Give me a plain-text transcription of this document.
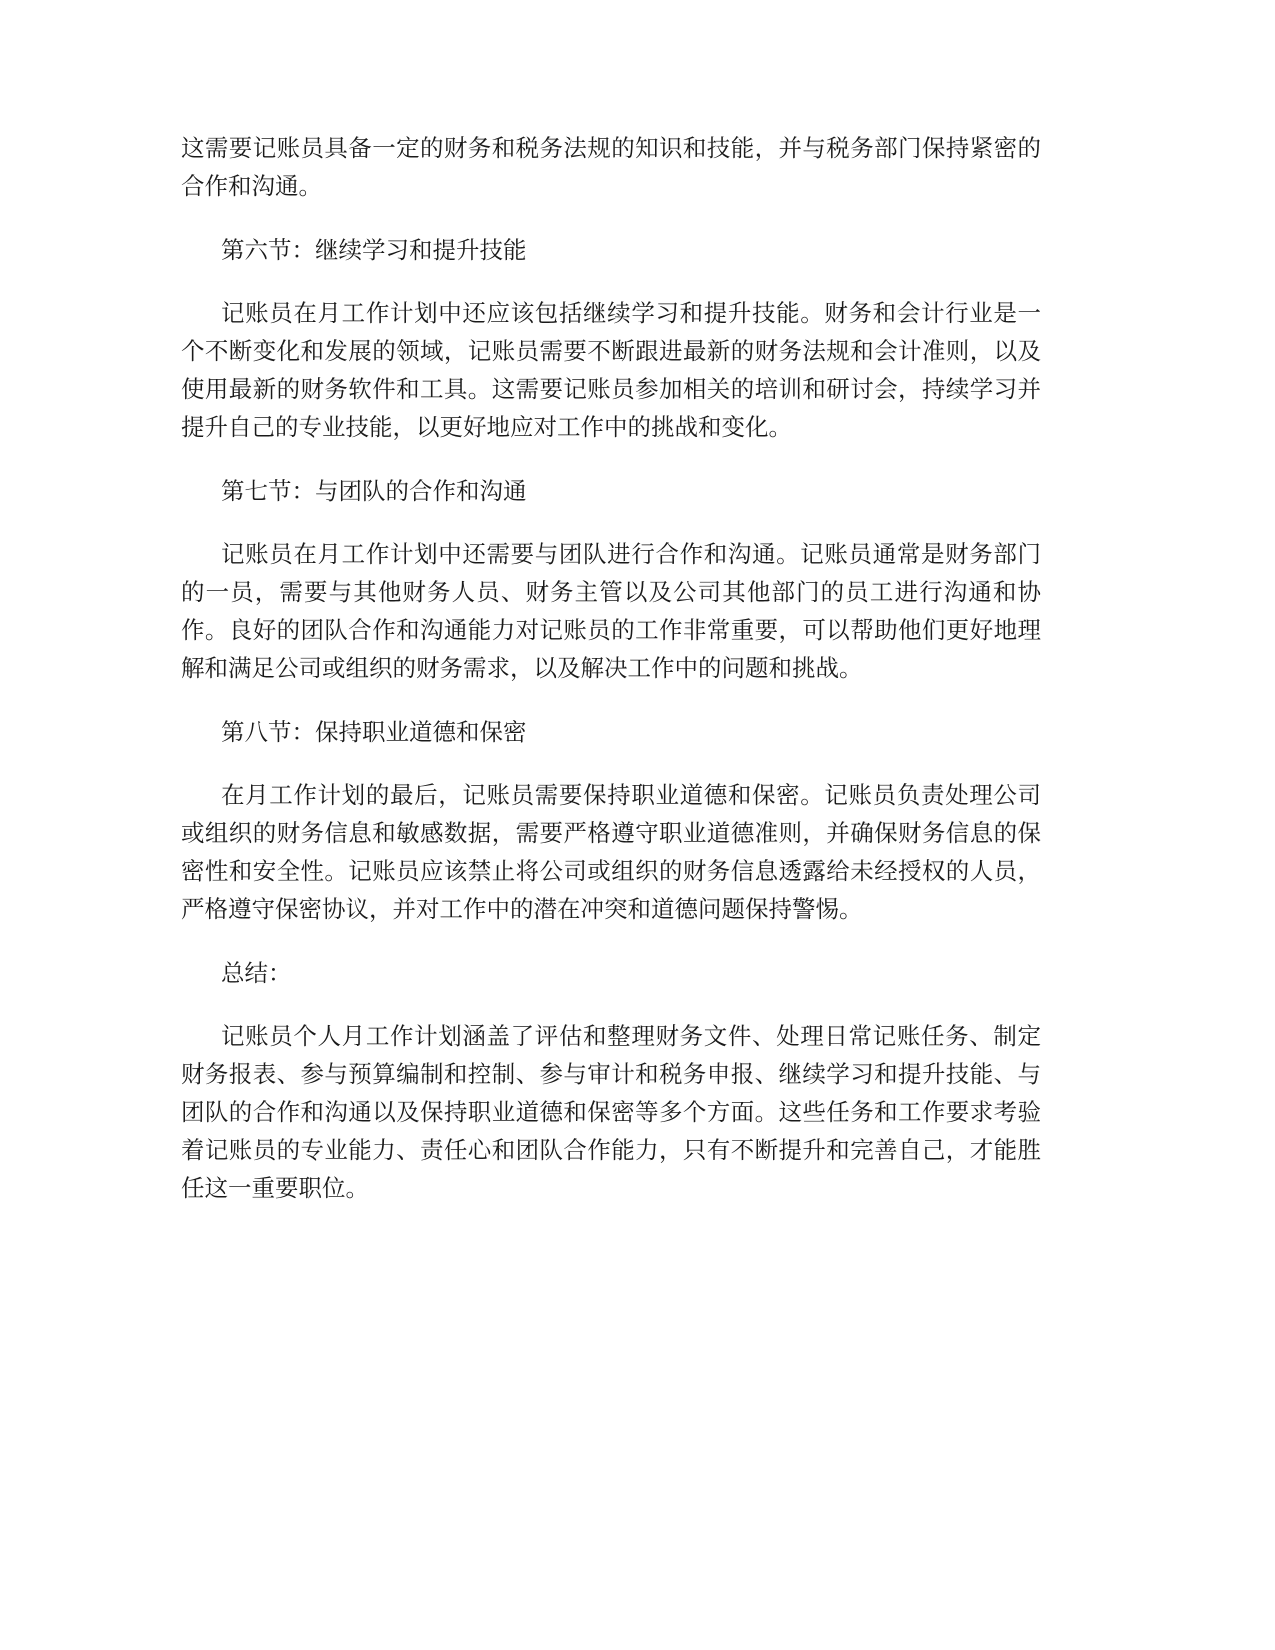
这需要记账员具备一定的财务和税务法规的知识和技能，并与税务部门保持紧密的
合作和沟通。
第六节：继续学习和提升技能
记账员在月工作计划中还应该包括继续学习和提升技能。财务和会计行业是一
个不断变化和发展的领域，记账员需要不断跟进最新的财务法规和会计准则，以及
使用最新的财务软件和工具。这需要记账员参加相关的培训和研讨会，持续学习并
提升自己的专业技能，以更好地应对工作中的挑战和变化。
第七节：与团队的合作和沟通
记账员在月工作计划中还需要与团队进行合作和沟通。记账员通常是财务部门
的一员，需要与其他财务人员、财务主管以及公司其他部门的员工进行沟通和协
作。良好的团队合作和沟通能力对记账员的工作非常重要，可以帮助他们更好地理
解和满足公司或组织的财务需求，以及解决工作中的问题和挑战。
第八节：保持职业道德和保密
在月工作计划的最后，记账员需要保持职业道德和保密。记账员负责处理公司
或组织的财务信息和敏感数据，需要严格遵守职业道德准则，并确保财务信息的保
密性和安全性。记账员应该禁止将公司或组织的财务信息透露给未经授权的人员，
严格遵守保密协议，并对工作中的潜在冲突和道德问题保持警惕。
总结：
记账员个人月工作计划涵盖了评估和整理财务文件、处理日常记账任务、制定
财务报表、参与预算编制和控制、参与审计和税务申报、继续学习和提升技能、与
团队的合作和沟通以及保持职业道德和保密等多个方面。这些任务和工作要求考验
着记账员的专业能力、责任心和团队合作能力，只有不断提升和完善自己，才能胜
任这一重要职位。
